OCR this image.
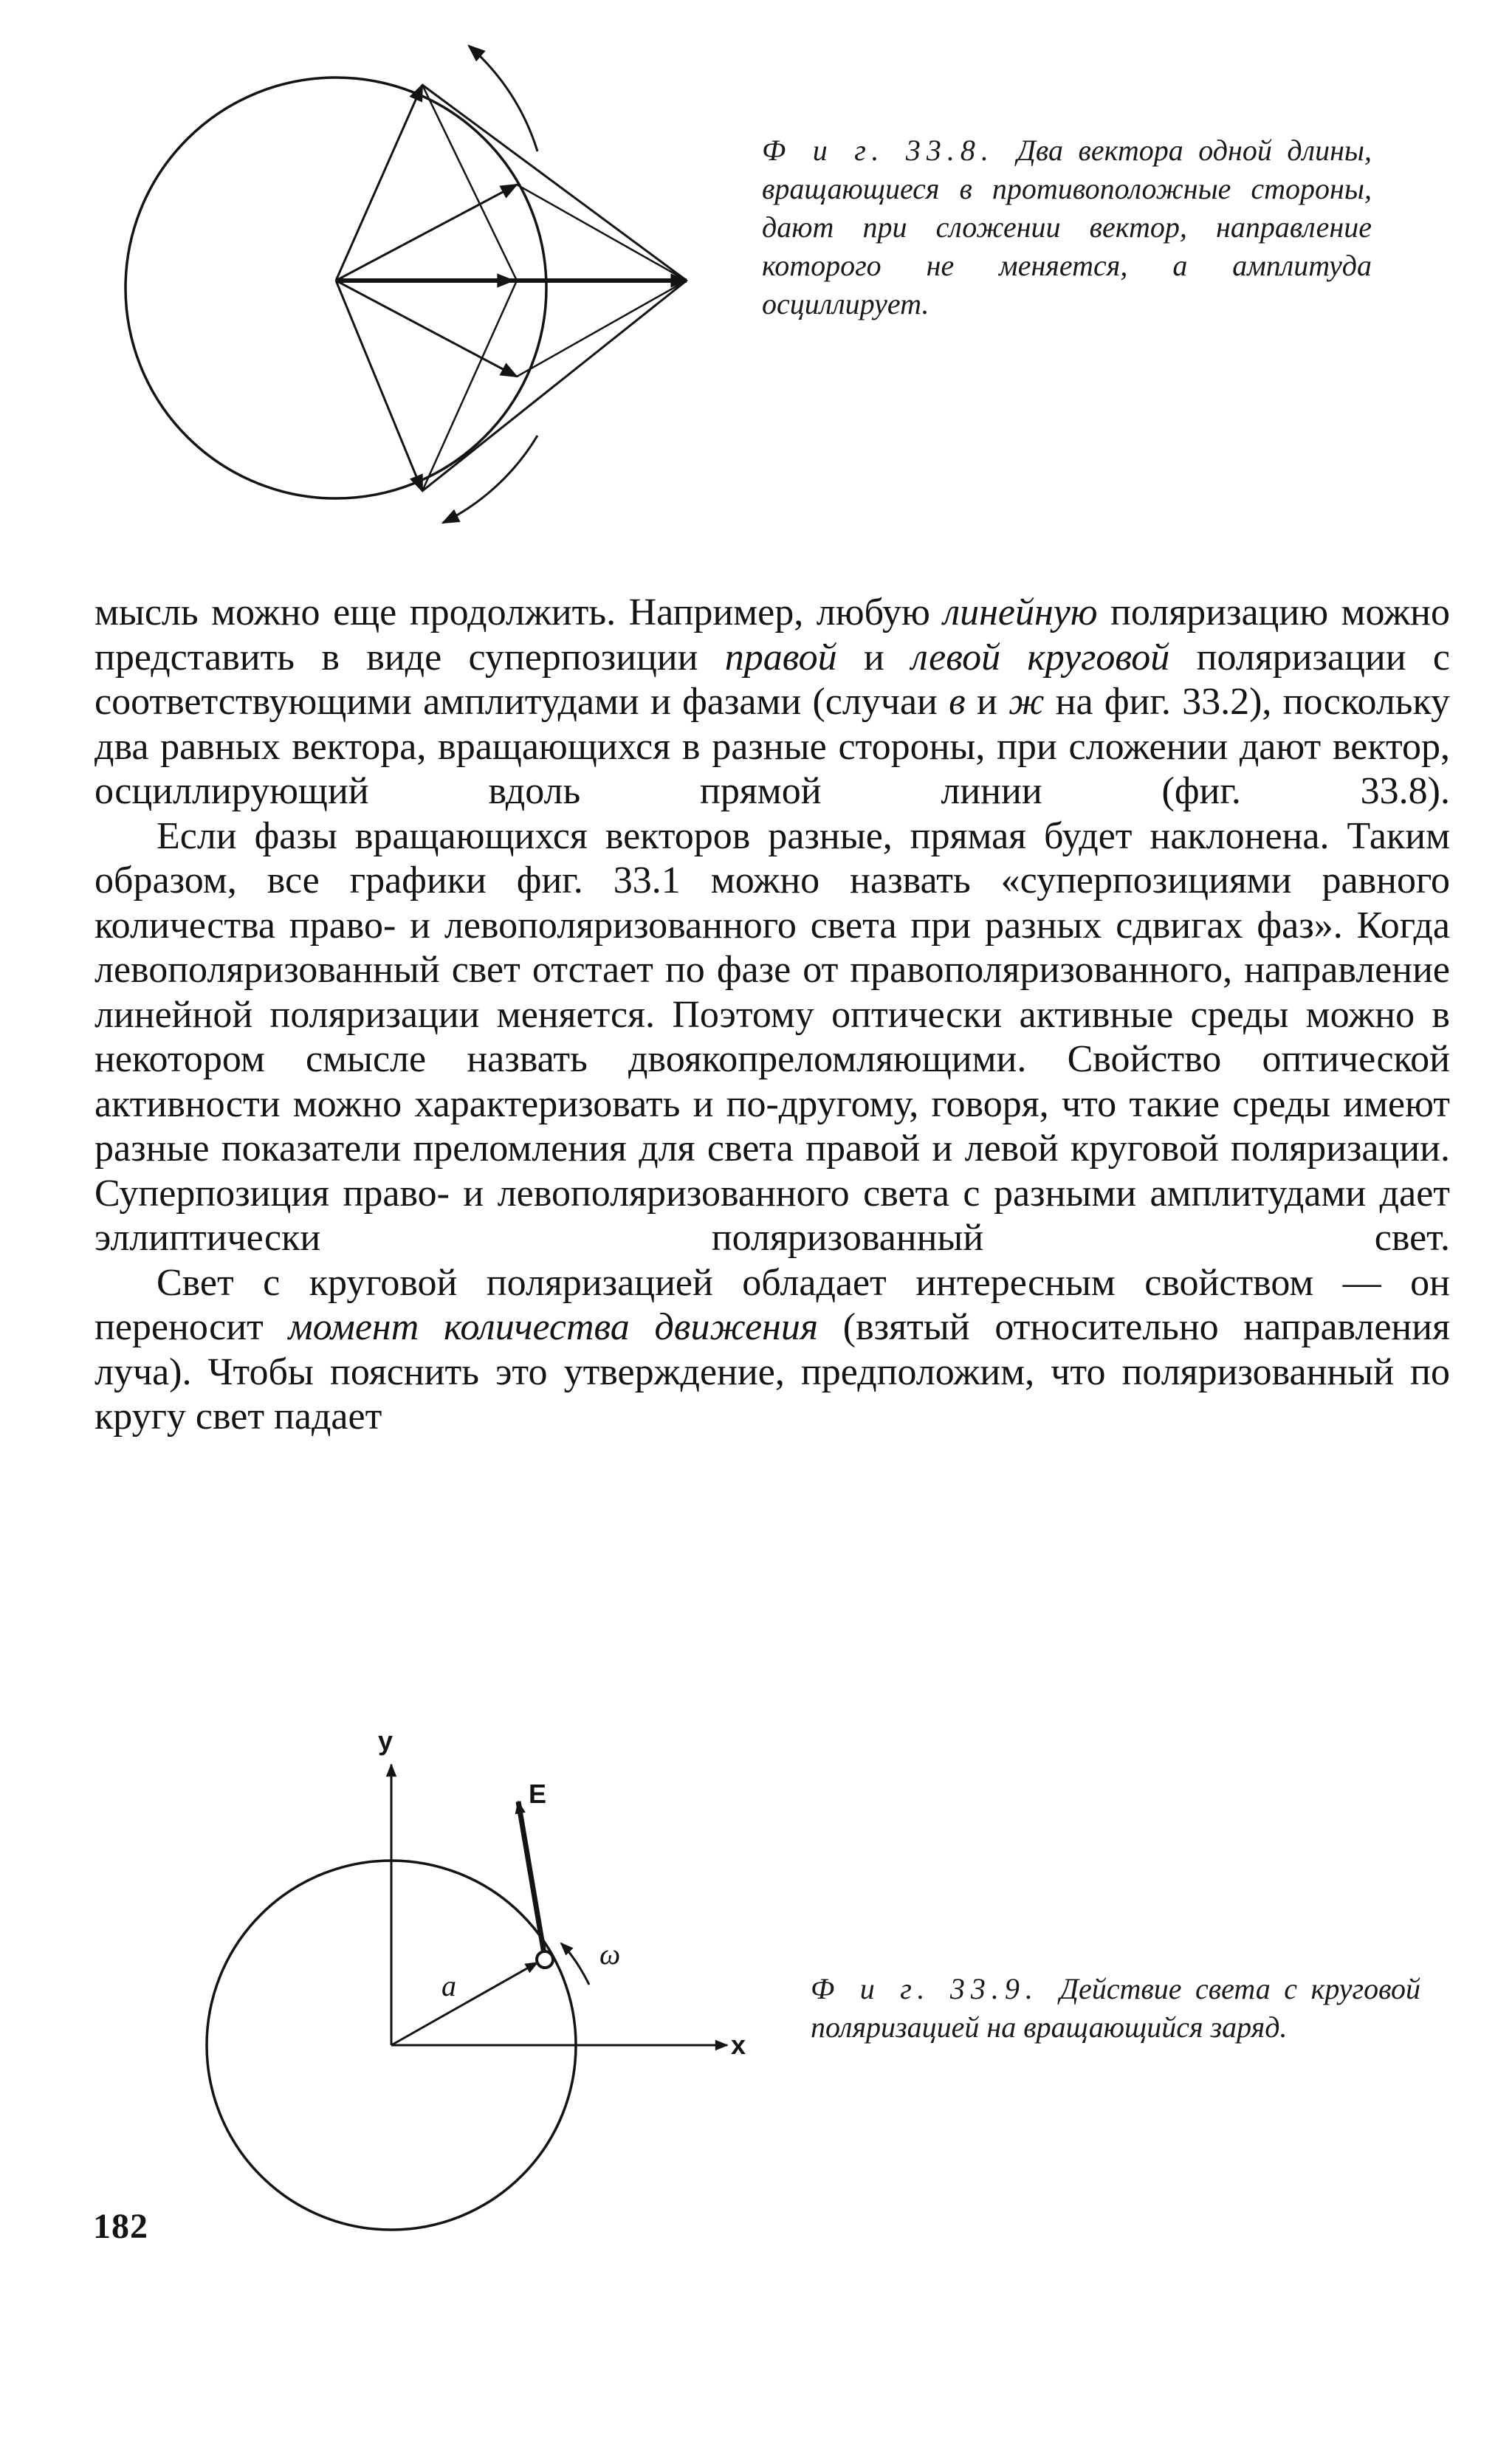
Ф и г. 33.8. Два вектора одной длины, вращающиеся в противоположные стороны, дают при сложении вектор, направление которого не меняется, а амплитуда осциллирует.

мысль можно еще продолжить. Например, любую линейную поляризацию можно представить в виде суперпозиции правой и левой круговой поляризации с соответствующими амплитудами и фазами (случаи в и ж на фиг. 33.2), поскольку два равных вектора, вращающихся в разные стороны, при сложении дают вектор, осциллирующий вдоль прямой линии (фиг. 33.8).

Если фазы вращающихся векторов разные, прямая будет наклонена. Таким образом, все графики фиг. 33.1 можно назвать «суперпозициями равного количества право- и левополяризованного света при разных сдвигах фаз». Когда левополяризованный свет отстает по фазе от правополяризованного, направление линейной поляризации меняется. Поэтому оптически активные среды можно в некотором смысле назвать двоякопреломляющими. Свойство оптической активности можно характеризовать и по-другому, говоря, что такие среды имеют разные показатели преломления для света правой и левой круговой поляризации. Суперпозиция право- и левополяризованного света с разными амплитудами дает эллиптически поляризованный свет.

Свет с круговой поляризацией обладает интересным свойством — он переносит момент количества движения (взятый относительно направления луча). Чтобы пояснить это утверждение, предположим, что поляризованный по кругу свет падает

y
x
E
a
ω
Ф и г. 33.9. Действие света с круговой поляризацией на вращающийся заряд.
182
